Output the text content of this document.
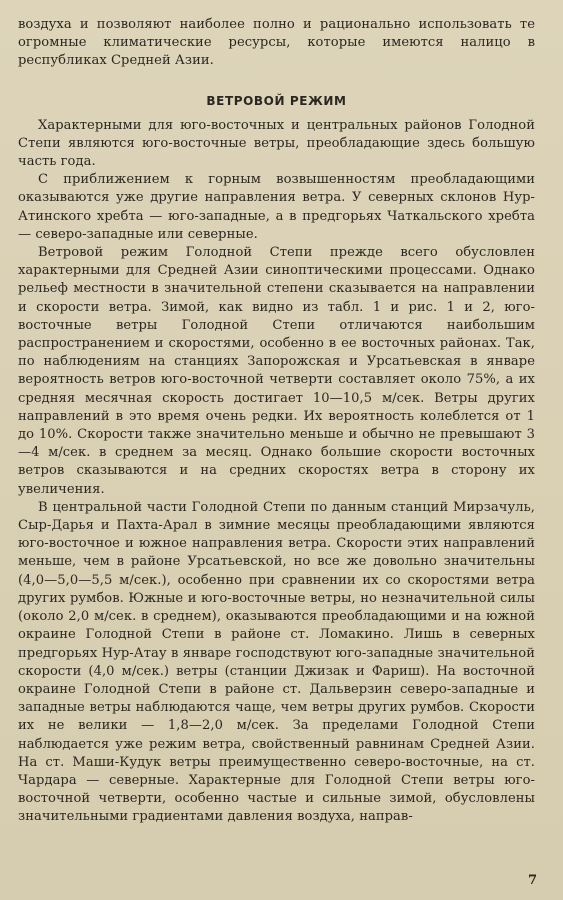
воздуха и позволяют наиболее полно и рационально использовать те огромные климатические ресурсы, которые имеются налицо в республиках Средней Азии.

ВЕТРОВОЙ РЕЖИМ

Характерными для юго-восточных и центральных районов Голодной Степи являются юго-восточные ветры, преобладающие здесь большую часть года.

С приближением к горным возвышенностям преобладающими оказываются уже другие направления ветра. У северных склонов Нур-Атинского хребта — юго-западные, а в предгорьях Чаткальского хребта — северо-западные или северные.

Ветровой режим Голодной Степи прежде всего обусловлен характерными для Средней Азии синоптическими процессами. Однако рельеф местности в значительной степени сказывается на направлении и скорости ветра. Зимой, как видно из табл. 1 и рис. 1 и 2, юго-восточные ветры Голодной Степи отличаются наибольшим распространением и скоростями, особенно в ее восточных районах. Так, по наблюдениям на станциях Запорожская и Урсатьевская в январе вероятность ветров юго-восточной четверти составляет около 75%, а их средняя месячная скорость достигает 10—10,5 м/сек. Ветры других направлений в это время очень редки. Их вероятность колеблется от 1 до 10%. Скорости также значительно меньше и обычно не превышают 3—4 м/сек. в среднем за месяц. Однако большие скорости восточных ветров сказываются и на средних скоростях ветра в сторону их увеличения.

В центральной части Голодной Степи по данным станций Мирзачуль, Сыр-Дарья и Пахта-Арал в зимние месяцы преобладающими являются юго-восточное и южное направления ветра. Скорости этих направлений меньше, чем в районе Урсатьевской, но все же довольно значительны (4,0—5,0—5,5 м/сек.), особенно при сравнении их со скоростями ветра других румбов. Южные и юго-восточные ветры, но незначительной силы (около 2,0 м/сек. в среднем), оказываются преобладающими и на южной окраине Голодной Степи в районе ст. Ломакино. Лишь в северных предгорьях Нур-Атау в январе господствуют юго-западные значительной скорости (4,0 м/сек.) ветры (станции Джизак и Фариш). На восточной окраине Голодной Степи в районе ст. Дальверзин северо-западные и западные ветры наблюдаются чаще, чем ветры других румбов. Скорости их не велики — 1,8—2,0 м/сек. За пределами Голодной Степи наблюдается уже режим ветра, свойственный равнинам Средней Азии. На ст. Маши-Кудук ветры преимущественно северо-восточные, на ст. Чардара — северные. Характерные для Голодной Степи ветры юго-восточной четверти, особенно частые и сильные зимой, обусловлены значительными градиентами давления воздуха, направ-

7
